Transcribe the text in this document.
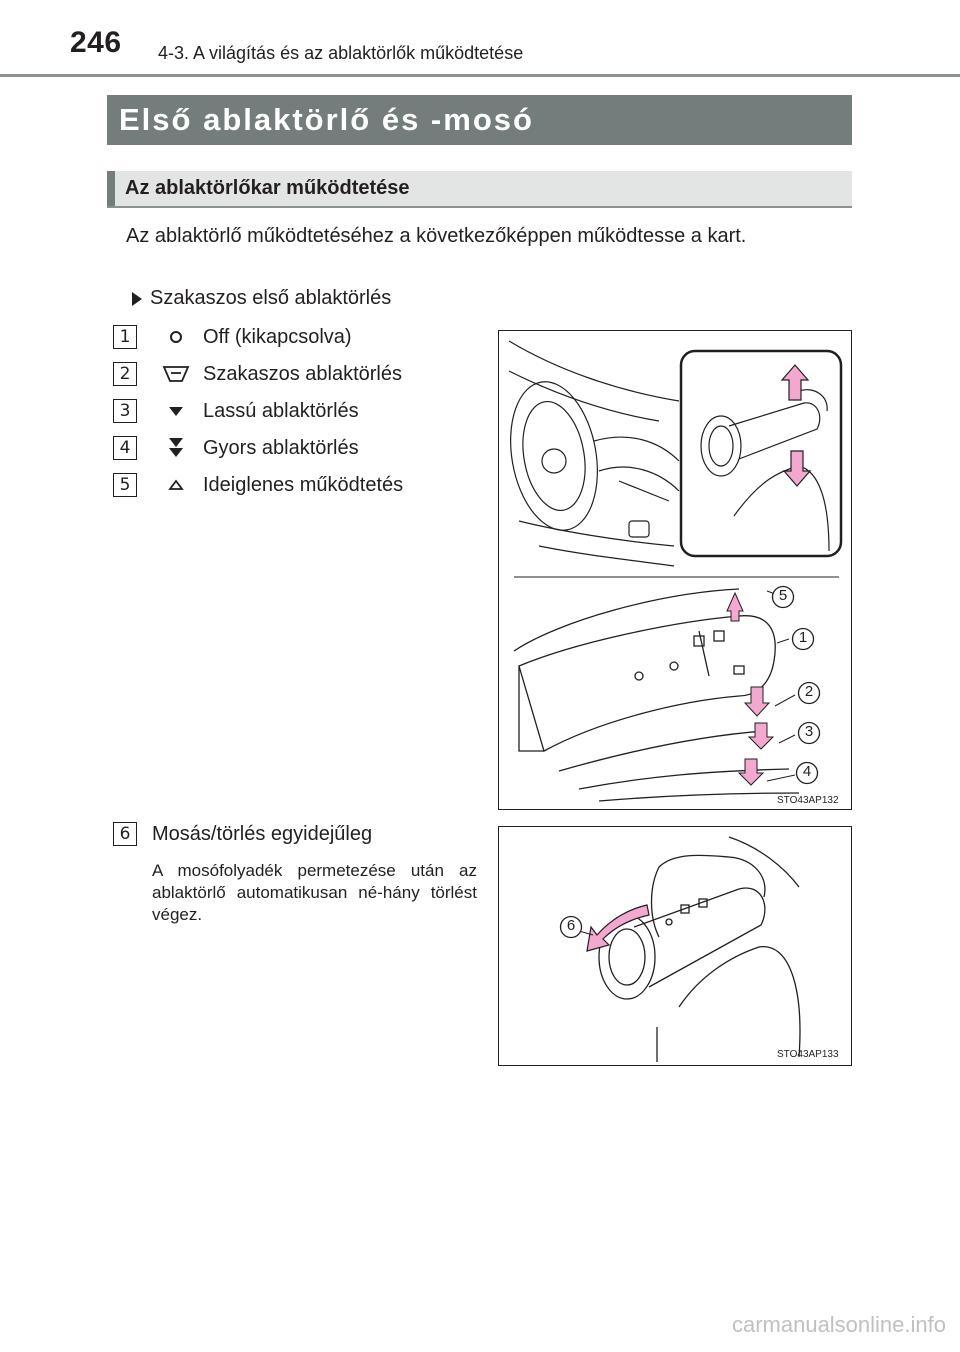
246 4-3. A világítás és az ablaktörlők működtetése
Első ablaktörlő és -mosó
Az ablaktörlőkar működtetése
Az ablaktörlő működtetéséhez a következőképpen működtesse a kart.
Szakaszos első ablaktörlés
1	Off (kikapcsolva)
2	Szakaszos ablaktörlés
3	Lassú ablaktörlés
4	Gyors ablaktörlés
5	Ideiglenes működtetés
5
1
2
3
4
STO43AP132
6	Mosás/törlés egyidejűleg
A mosófolyadék permetezése után az ablaktörlő automatikusan né-hány törlést végez.
6
STO43AP133
carmanualsonline.info
